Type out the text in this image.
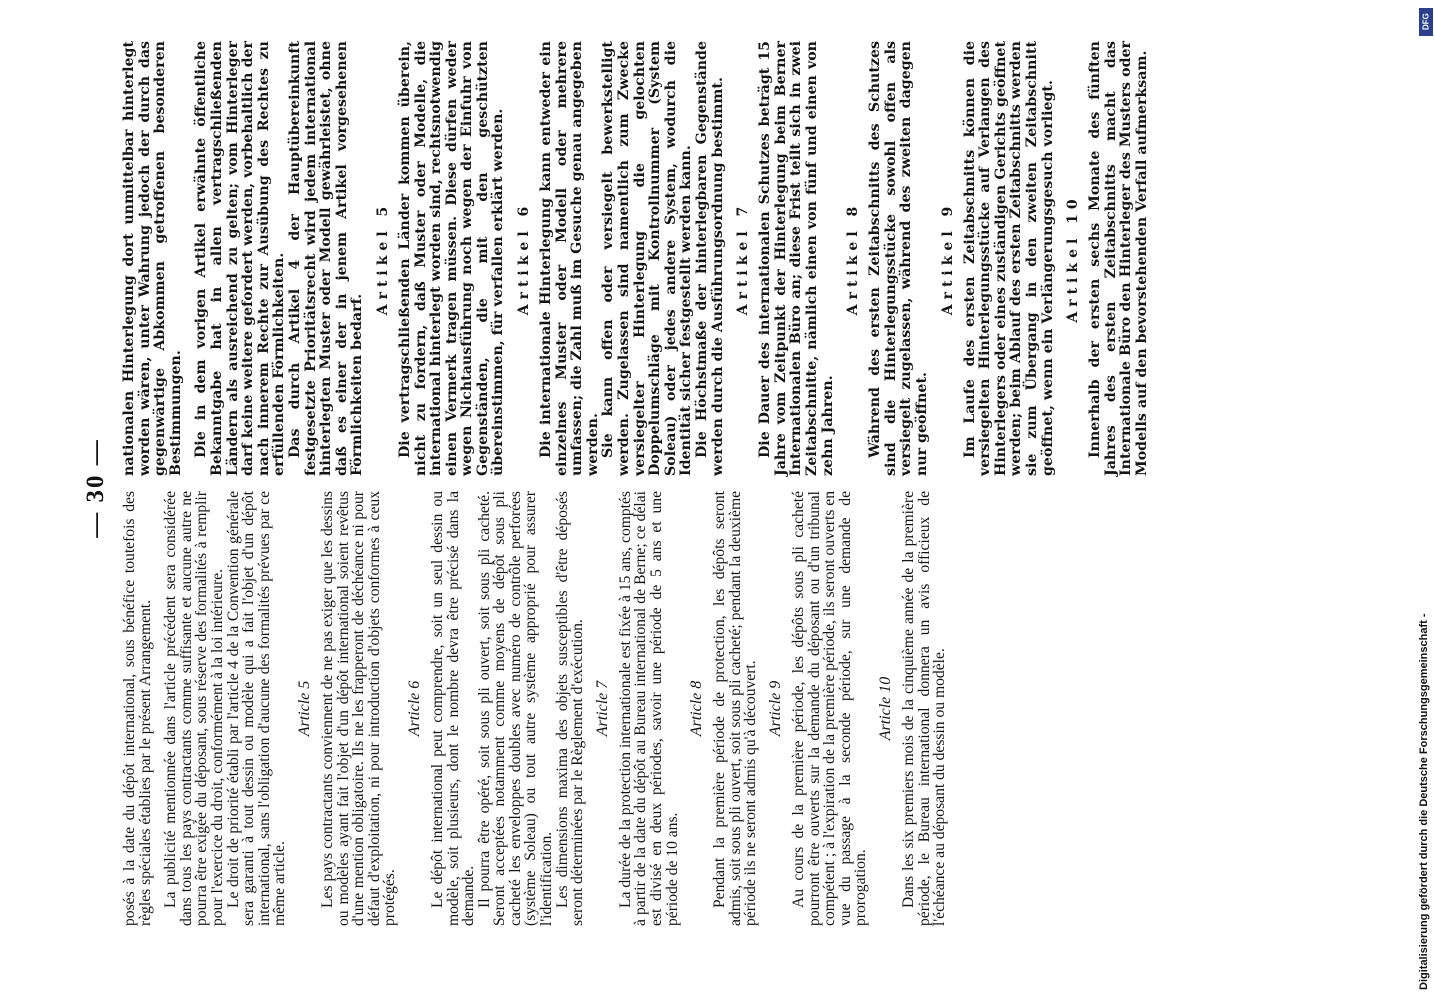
— 30 —

posés à la date du dépôt international, sous bénéfice toutefois des règles spéciales établies par le présent Arrangement. La publicité mentionnée dans l'article précédent sera considérée dans tous les pays contractants comme suffisante et aucune autre ne pourra être exigée du déposant, sous réserve des formalités à remplir pour l'exercice du droit, conformément à la loi intérieure.

Le droit de priorité établi par l'article 4 de la Convention générale sera garanti à tout dessin ou modèle qui a fait l'objet d'un dépôt international, sans l'obligation d'aucune des formalités prévues par ce même article.

Article 5 Les pays contractants conviennent de ne pas exiger que les dessins ou modèles ayant fait l'objet d'un dépôt international soient revêtus d'une mention obligatoire. Ils ne les frapperont de déchéance ni pour défaut d'exploitation, ni pour introduction d'objets conformes à ceux protégés.

Article 6 Le dépôt international peut comprendre, soit un seul dessin ou modèle, soit plusieurs, dont le nombre devra être précisé dans la demande.

Il pourra être opéré, soit sous pli ouvert, soit sous pli cacheté. Seront acceptées notamment comme moyens de dépôt sous pli cacheté les enveloppes doubles avec numéro de contrôle perforées (système Soleau) ou tout autre système approprié pour assurer l'identification.

Les dimensions maxima des objets susceptibles d'être déposés seront déterminées par le Règlement d'exécution. Article 7 La durée de la protection internationale est fixée à 15 ans, comptés à partir de la date du dépôt au Bureau international de Berne; ce délai est divisé en deux périodes, savoir une période de 5 ans et une période de 10 ans.

Article 8 Pendant la première période de protection, les dépôts seront admis, soit sous pli ouvert, soit sous pli cacheté; pendant la deuxième période ils ne seront admis qu'à découvert. Article 9 Au cours de la première période, les dépôts sous pli cacheté pourront être ouverts sur la demande du déposant ou d'un tribunal compétent ; à l'expiration de la première période, ils seront ouverts en vue du passage à la seconde période, sur une demande de prorogation.

Article 10 Dans les six premiers mois de la cinquième année de la première période, le Bureau international donnera un avis officieux de l'échéance au déposant du dessin ou modèle.

nationalen Hinterlegung dort unmittelbar hinterlegt worden wären, unter Wahrung jedoch der durch das gegenwärtige Abkommen getroffenen besonderen Bestimmungen. Die in dem vorigen Artikel erwähnte öffentliche Bekanntgabe hat in allen vertragschließenden Ländern als ausreichend zu gelten; vom Hinterleger darf keine weitere gefordert werden, vorbehaltlich der nach innerem Rechte zur Ausübung des Rechtes zu erfüllenden Förmlichkeiten. Das durch Artikel 4 der Hauptübereinkunft festgesetzte Prioritätsrecht wird jedem international hinterlegten Muster oder Modell gewährleistet, ohne daß es einer der in jenem Artikel vorgesehenen Förmlichkeiten bedarf.

Artikel 5 Die vertragschließenden Länder kommen überein, nicht zu fordern, daß Muster oder Modelle, die international hinterlegt worden sind, rechtsnotwendig einen Vermerk tragen müssen. Diese dürfen weder wegen Nichtausführung noch wegen der Einfuhr von Gegenständen, die mit den geschützten übereinstimmen, für verfallen erklärt werden. Artikel 6 Die internationale Hinterlegung kann entweder ein einzelnes Muster oder Modell oder mehrere umfassen; die Zahl muß im Gesuche genau angegeben werden. Sie kann offen oder versiegelt bewerkstelligt werden. Zugelassen sind namentlich zum Zwecke versiegelter Hinterlegung die gelochten Doppelumschläge mit Kontrollnummer (System Soleau) oder jedes andere System, wodurch die Identität sicher festgestellt werden kann. Die Höchstmaße der hinterlegbaren Gegenstände werden durch die Ausführungsordnung bestimmt. Artikel 7 Die Dauer des internationalen Schutzes beträgt 15 Jahre vom Zeitpunkt der Hinterlegung beim Berner Internationalen Büro an; diese Frist teilt sich in zwei Zeitabschnitte, nämlich einen von fünf und einen von zehn Jahren.

Artikel 8 Während des ersten Zeitabschnitts des Schutzes sind die Hinterlegungsstücke sowohl offen als versiegelt zugelassen, während des zweiten dagegen nur geöffnet.

Artikel 9 Im Laufe des ersten Zeitabschnitts können die versiegelten Hinterlegungsstücke auf Verlangen des Hinterlegers oder eines zuständigen Gerichts geöffnet werden; beim Ablauf des ersten Zeitabschnitts werden sie zum Übergang in den zweiten Zeitabschnitt geöffnet, wenn ein Verlängerungsgesuch vorliegt. Artikel 10 Innerhalb der ersten sechs Monate des fünften Jahres des ersten Zeitabschnitts macht das Internationale Büro den Hinterleger des Musters oder Modells auf den bevorstehenden Verfall aufmerksam.

Digitalisierung gefördert durch die Deutsche Forschungsgemeinschaft -
DFG
